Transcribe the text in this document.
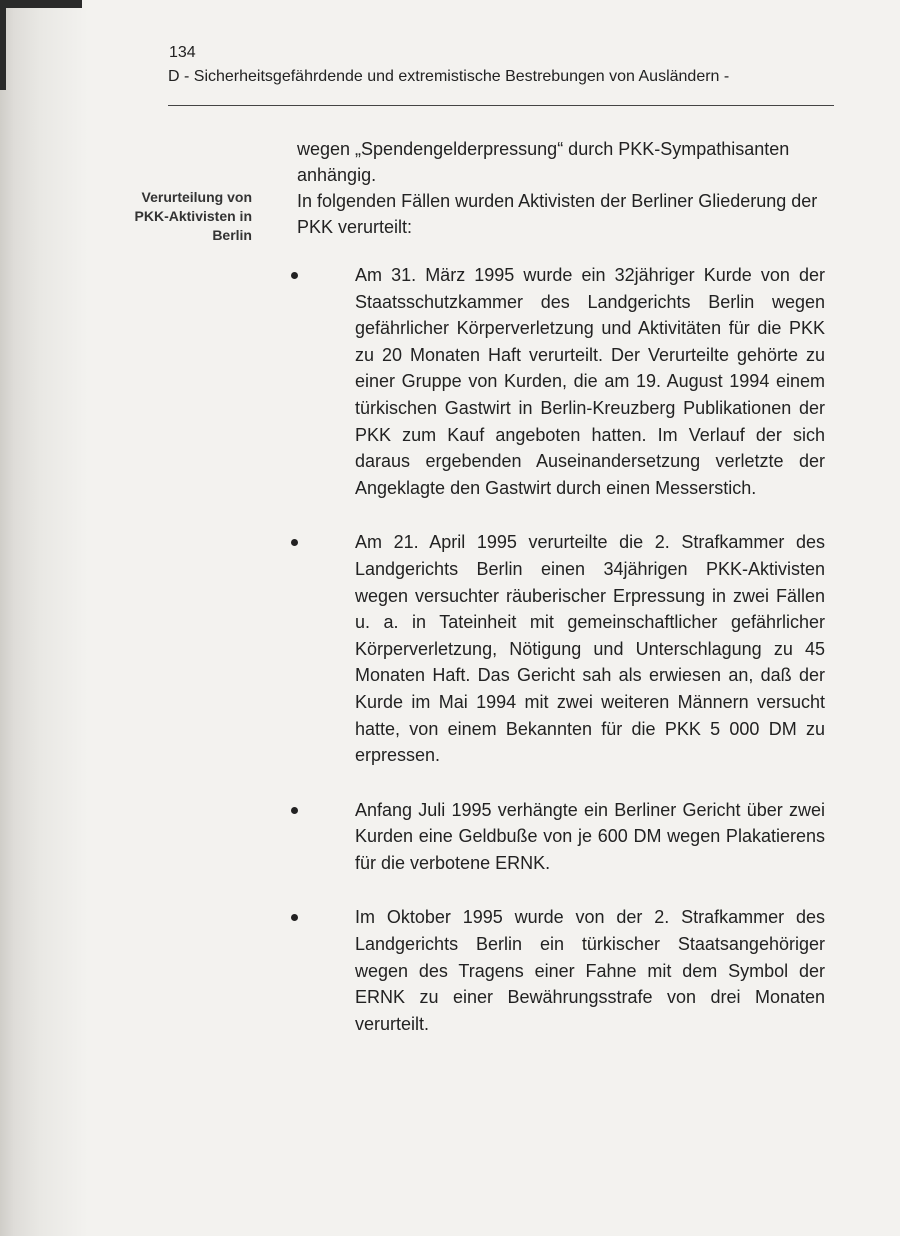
134
D - Sicherheitsgefährdende und extremistische Bestrebungen von Ausländern -
Verurteilung von PKK-Aktivisten in Berlin

wegen „Spendengelderpressung“ durch PKK-Sympathisanten anhängig.

In folgenden Fällen wurden Aktivisten der Berliner Gliederung der PKK verurteilt:

Am 31. März 1995 wurde ein 32jähriger Kurde von der Staatsschutzkammer des Landgerichts Berlin wegen gefährlicher Körperverletzung und Aktivitäten für die PKK zu 20 Monaten Haft verurteilt. Der Verurteilte gehörte zu einer Gruppe von Kurden, die am 19. August 1994 einem türkischen Gastwirt in Berlin-Kreuzberg Publikationen der PKK zum Kauf angeboten hatten. Im Verlauf der sich daraus ergebenden Auseinandersetzung verletzte der Angeklagte den Gastwirt durch einen Messerstich.
Am 21. April 1995 verurteilte die 2. Strafkammer des Landgerichts Berlin einen 34jährigen PKK-Aktivisten wegen versuchter räuberischer Erpressung in zwei Fällen u. a. in Tateinheit mit gemeinschaftlicher gefährlicher Körperverletzung, Nötigung und Unterschlagung zu 45 Monaten Haft. Das Gericht sah als erwiesen an, daß der Kurde im Mai 1994 mit zwei weiteren Männern versucht hatte, von einem Bekannten für die PKK 5 000 DM zu erpressen.
Anfang Juli 1995 verhängte ein Berliner Gericht über zwei Kurden eine Geldbuße von je 600 DM wegen Plakatierens für die verbotene ERNK.
Im Oktober 1995 wurde von der 2. Strafkammer des Landgerichts Berlin ein türkischer Staatsangehöriger wegen des Tragens einer Fahne mit dem Symbol der ERNK zu einer Bewährungsstrafe von drei Monaten verurteilt.
